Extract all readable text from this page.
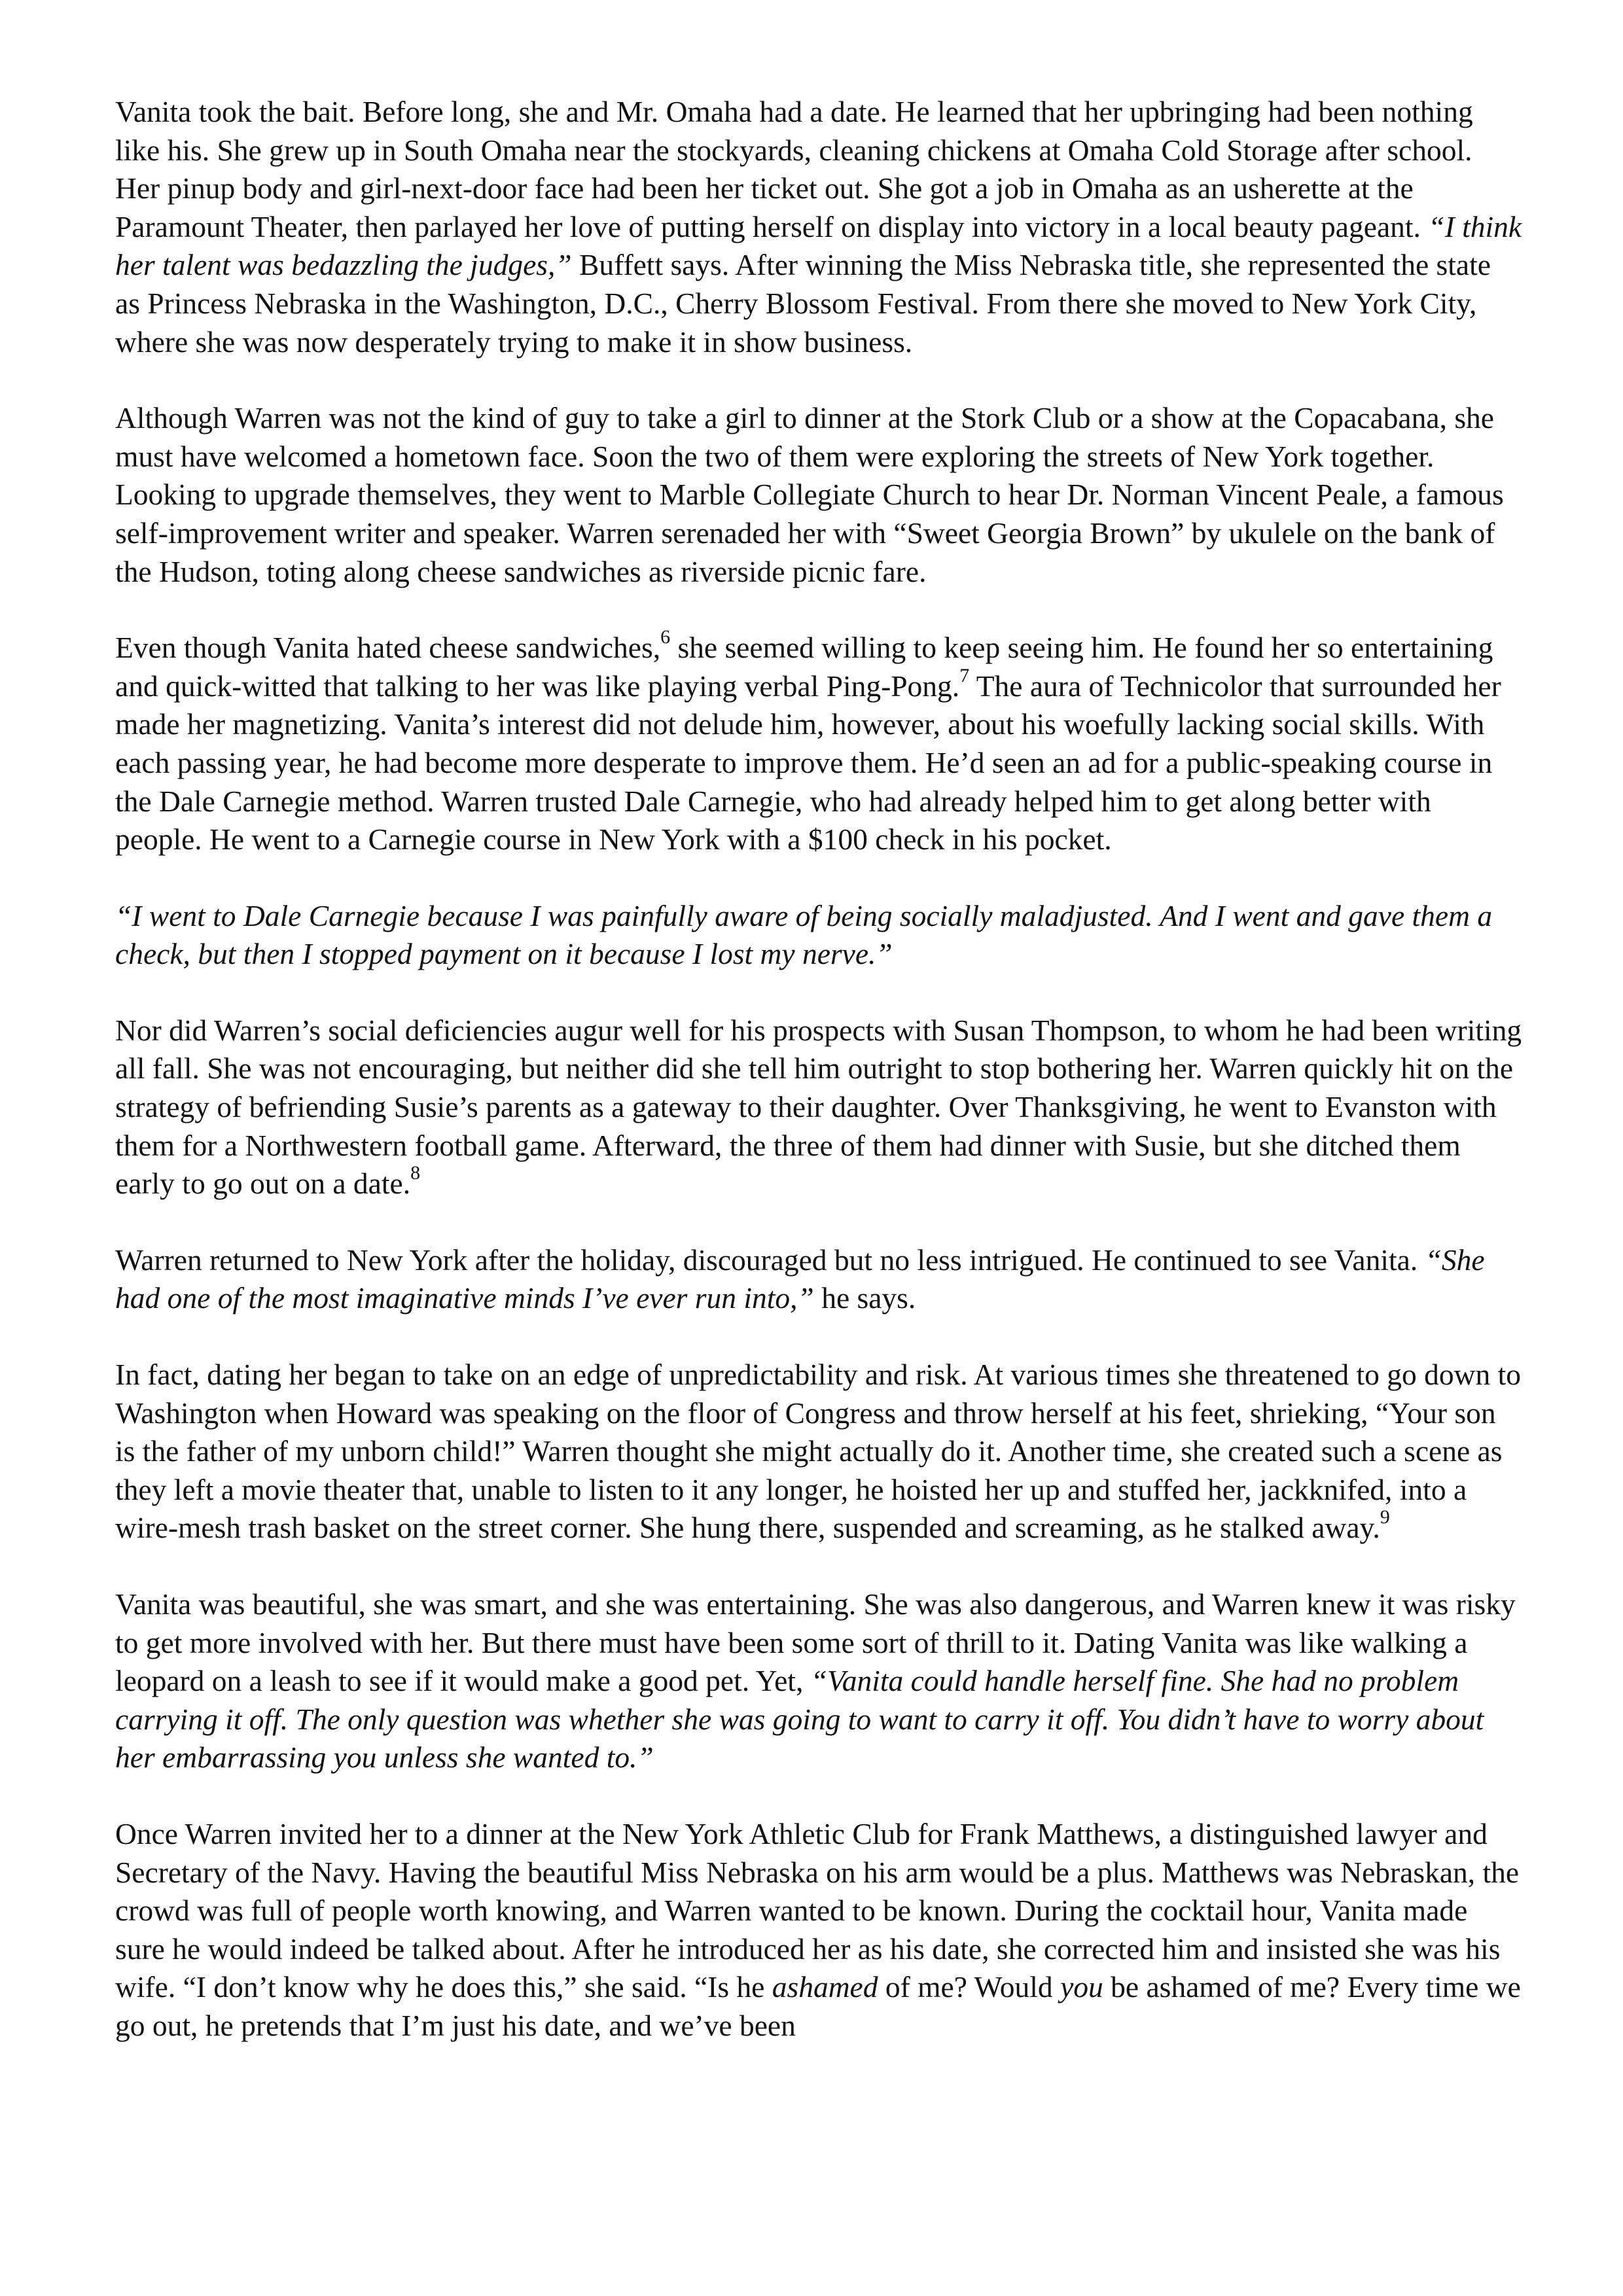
Vanita took the bait. Before long, she and Mr. Omaha had a date. He learned that her upbringing had been nothing like his. She grew up in South Omaha near the stockyards, cleaning chickens at Omaha Cold Storage after school. Her pinup body and girl-next-door face had been her ticket out. She got a job in Omaha as an usherette at the Paramount Theater, then parlayed her love of putting herself on display into victory in a local beauty pageant. “I think her talent was bedazzling the judges,” Buffett says. After winning the Miss Nebraska title, she represented the state as Princess Nebraska in the Washington, D.C., Cherry Blossom Festival. From there she moved to New York City, where she was now desperately trying to make it in show business.

Although Warren was not the kind of guy to take a girl to dinner at the Stork Club or a show at the Copacabana, she must have welcomed a hometown face. Soon the two of them were exploring the streets of New York together. Looking to upgrade themselves, they went to Marble Collegiate Church to hear Dr. Norman Vincent Peale, a famous self-improvement writer and speaker. Warren serenaded her with “Sweet Georgia Brown” by ukulele on the bank of the Hudson, toting along cheese sandwiches as riverside picnic fare.

Even though Vanita hated cheese sandwiches,$^6$ she seemed willing to keep seeing him. He found her so entertaining and quick-witted that talking to her was like playing verbal Ping-Pong.$^7$ The aura of Technicolor that surrounded her made her magnetizing. Vanita’s interest did not delude him, however, about his woefully lacking social skills. With each passing year, he had become more desperate to improve them. He’d seen an ad for a public-speaking course in the Dale Carnegie method. Warren trusted Dale Carnegie, who had already helped him to get along better with people. He went to a Carnegie course in New York with a $100 check in his pocket.

“I went to Dale Carnegie because I was painfully aware of being socially maladjusted. And I went and gave them a check, but then I stopped payment on it because I lost my nerve.”

Nor did Warren’s social deficiencies augur well for his prospects with Susan Thompson, to whom he had been writing all fall. She was not encouraging, but neither did she tell him outright to stop bothering her. Warren quickly hit on the strategy of befriending Susie’s parents as a gateway to their daughter. Over Thanksgiving, he went to Evanston with them for a Northwestern football game. Afterward, the three of them had dinner with Susie, but she ditched them early to go out on a date.$^8$

Warren returned to New York after the holiday, discouraged but no less intrigued. He continued to see Vanita. “She had one of the most imaginative minds I’ve ever run into,” he says.

In fact, dating her began to take on an edge of unpredictability and risk. At various times she threatened to go down to Washington when Howard was speaking on the floor of Congress and throw herself at his feet, shrieking, “Your son is the father of my unborn child!” Warren thought she might actually do it. Another time, she created such a scene as they left a movie theater that, unable to listen to it any longer, he hoisted her up and stuffed her, jackknifed, into a wire-mesh trash basket on the street corner. She hung there, suspended and screaming, as he stalked away.$^9$

Vanita was beautiful, she was smart, and she was entertaining. She was also dangerous, and Warren knew it was risky to get more involved with her. But there must have been some sort of thrill to it. Dating Vanita was like walking a leopard on a leash to see if it would make a good pet. Yet, “Vanita could handle herself fine. She had no problem carrying it off. The only question was whether she was going to want to carry it off. You didn’t have to worry about her embarrassing you unless she wanted to.”

Once Warren invited her to a dinner at the New York Athletic Club for Frank Matthews, a distinguished lawyer and Secretary of the Navy. Having the beautiful Miss Nebraska on his arm would be a plus. Matthews was Nebraskan, the crowd was full of people worth knowing, and Warren wanted to be known. During the cocktail hour, Vanita made sure he would indeed be talked about. After he introduced her as his date, she corrected him and insisted she was his wife. “I don’t know why he does this,” she said. “Is he ashamed of me? Would you be ashamed of me? Every time we go out, he pretends that I’m just his date, and we’ve been
